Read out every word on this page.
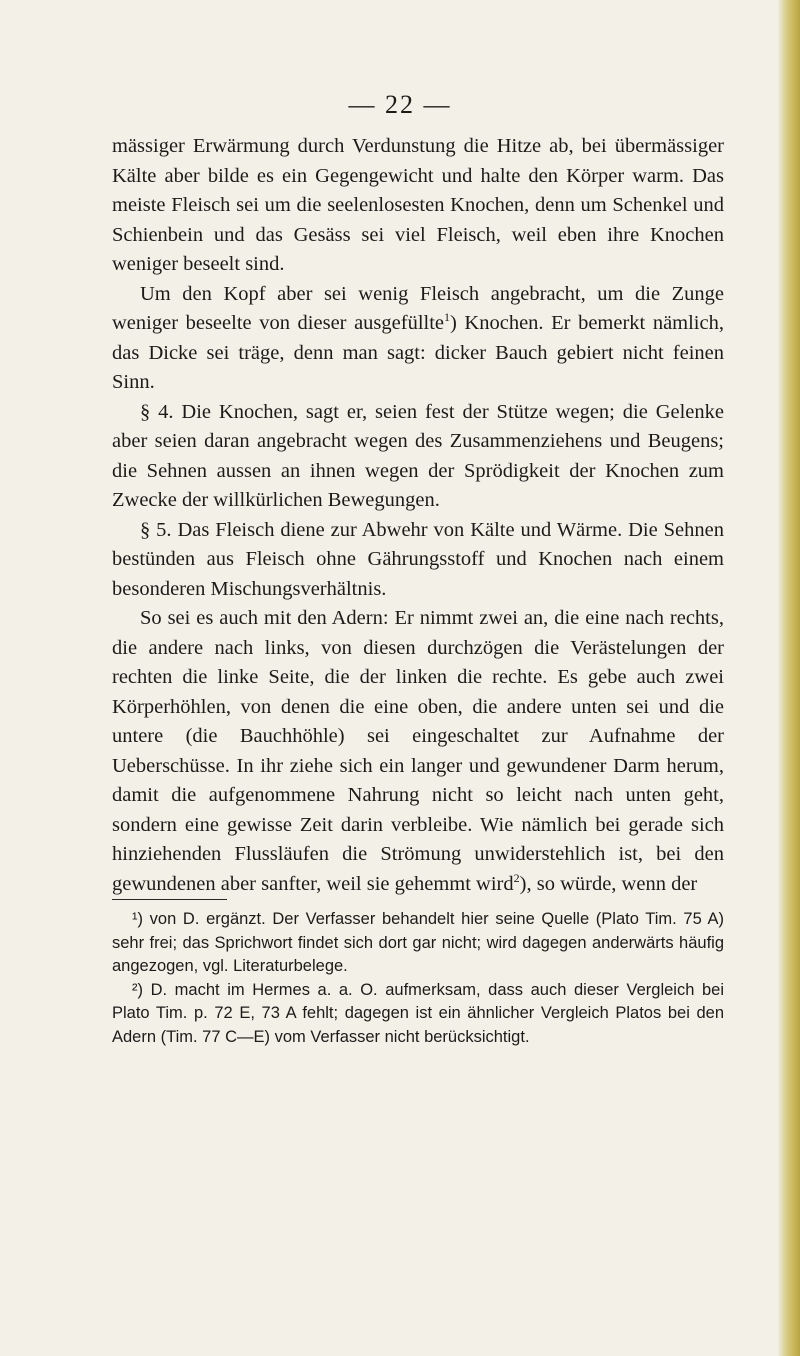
— 22 —

mässiger Erwärmung durch Verdunstung die Hitze ab, bei übermässiger Kälte aber bilde es ein Gegengewicht und halte den Körper warm. Das meiste Fleisch sei um die seelenlosesten Knochen, denn um Schenkel und Schienbein und das Gesäss sei viel Fleisch, weil eben ihre Knochen weniger beseelt sind.

Um den Kopf aber sei wenig Fleisch angebracht, um die Zunge weniger beseelte von dieser ausgefüllte$^1$) Knochen. Er bemerkt nämlich, das Dicke sei träge, denn man sagt: dicker Bauch gebiert nicht feinen Sinn.

§ 4. Die Knochen, sagt er, seien fest der Stütze wegen; die Gelenke aber seien daran angebracht wegen des Zusammenziehens und Beugens; die Sehnen aussen an ihnen wegen der Sprödigkeit der Knochen zum Zwecke der willkürlichen Bewegungen.

§ 5. Das Fleisch diene zur Abwehr von Kälte und Wärme. Die Sehnen bestünden aus Fleisch ohne Gährungsstoff und Knochen nach einem besonderen Mischungsverhältnis.

So sei es auch mit den Adern: Er nimmt zwei an, die eine nach rechts, die andere nach links, von diesen durchzögen die Verästelungen der rechten die linke Seite, die der linken die rechte. Es gebe auch zwei Körperhöhlen, von denen die eine oben, die andere unten sei und die untere (die Bauchhöhle) sei eingeschaltet zur Aufnahme der Ueberschüsse. In ihr ziehe sich ein langer und gewundener Darm herum, damit die aufgenommene Nahrung nicht so leicht nach unten geht, sondern eine gewisse Zeit darin verbleibe. Wie nämlich bei gerade sich hinziehenden Flussläufen die Strömung unwiderstehlich ist, bei den gewundenen aber sanfter, weil sie gehemmt wird$^2$), so würde, wenn der

¹) von D. ergänzt. Der Verfasser behandelt hier seine Quelle (Plato Tim. 75 A) sehr frei; das Sprichwort findet sich dort gar nicht; wird dagegen anderwärts häufig angezogen, vgl. Literaturbelege.

²) D. macht im Hermes a. a. O. aufmerksam, dass auch dieser Vergleich bei Plato Tim. p. 72 E, 73 A fehlt; dagegen ist ein ähnlicher Vergleich Platos bei den Adern (Tim. 77 C—E) vom Verfasser nicht berücksichtigt.
